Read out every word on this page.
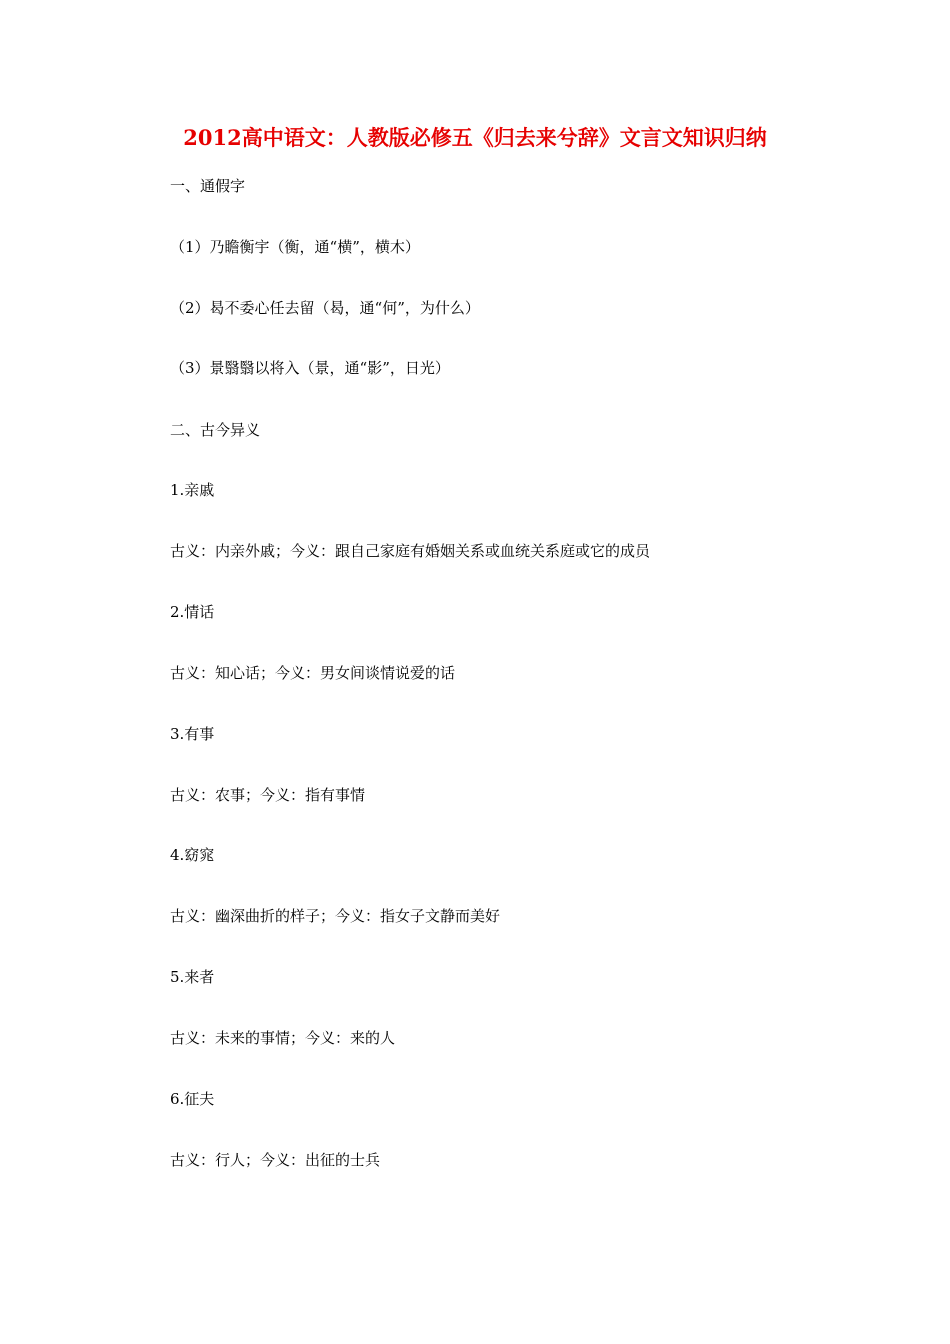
2012高中语文：人教版必修五《归去来兮辞》文言文知识归纳
一、通假字
（1）乃瞻衡宇（衡，通“横”，横木）
（2）曷不委心任去留（曷，通“何”，为什么）
（3）景翳翳以将入（景，通“影”，日光）
二、古今异义
1.亲戚
古义：内亲外戚；今义：跟自己家庭有婚姻关系或血统关系庭或它的成员
2.情话
古义：知心话；今义：男女间谈情说爱的话
3.有事
古义：农事；今义：指有事情
4.窈窕
古义：幽深曲折的样子；今义：指女子文静而美好
5.来者
古义：未来的事情；今义：来的人
6.征夫
古义：行人；今义：出征的士兵
